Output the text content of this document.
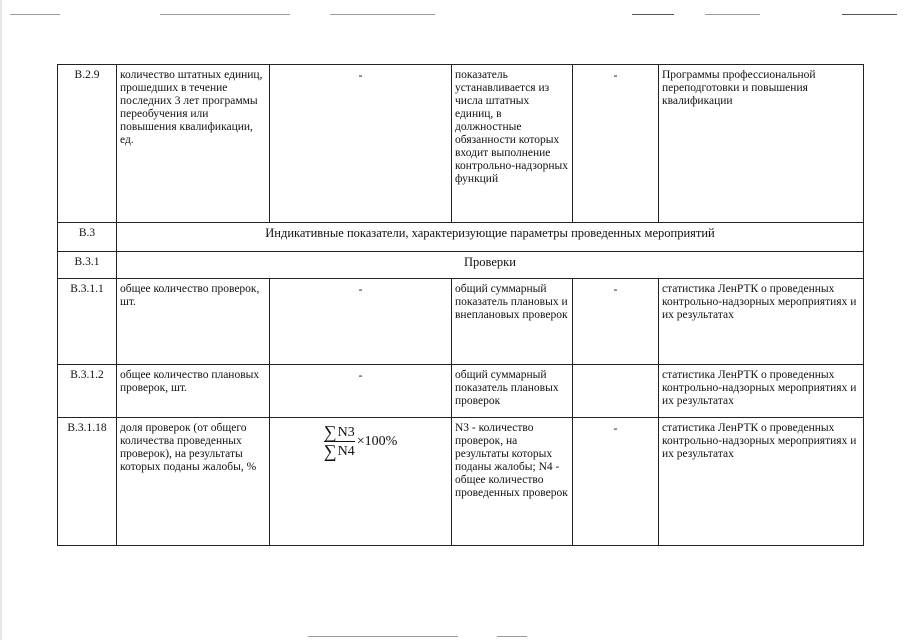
В.2.9	количество штатных единиц, прошедших в течение последних 3 лет программы переобучения или повышения квалификации, ед.	-	показатель устанавливается из числа штатных единиц, в должностные обязанности которых входит выполнение контрольно-надзорных функций	-	Программы профессиональной переподготовки и повышения квалификации
В.3	Индикативные показатели, характеризующие параметры проведенных мероприятий				
В.3.1	Проверки				
В.3.1.1	общее количество проверок, шт.	-	общий суммарный показатель плановых и внеплановых проверок	-	статистика ЛенРТК о проведенных контрольно-надзорных мероприятиях и их результатах
В.3.1.2	общее количество плановых проверок, шт.	-	общий суммарный показатель плановых проверок		статистика ЛенРТК о проведенных контрольно-надзорных мероприятиях и их результатах
В.3.1.18	доля проверок (от общего количества проведенных проверок), на результаты которых поданы жалобы, %	$\frac{\sum N3}{\sum N4} \times 100\%$	N3 - количество проверок, на результаты которых поданы жалобы; N4 - общее количество проведенных проверок	-	статистика ЛенРТК о проведенных контрольно-надзорных мероприятиях и их результатах
